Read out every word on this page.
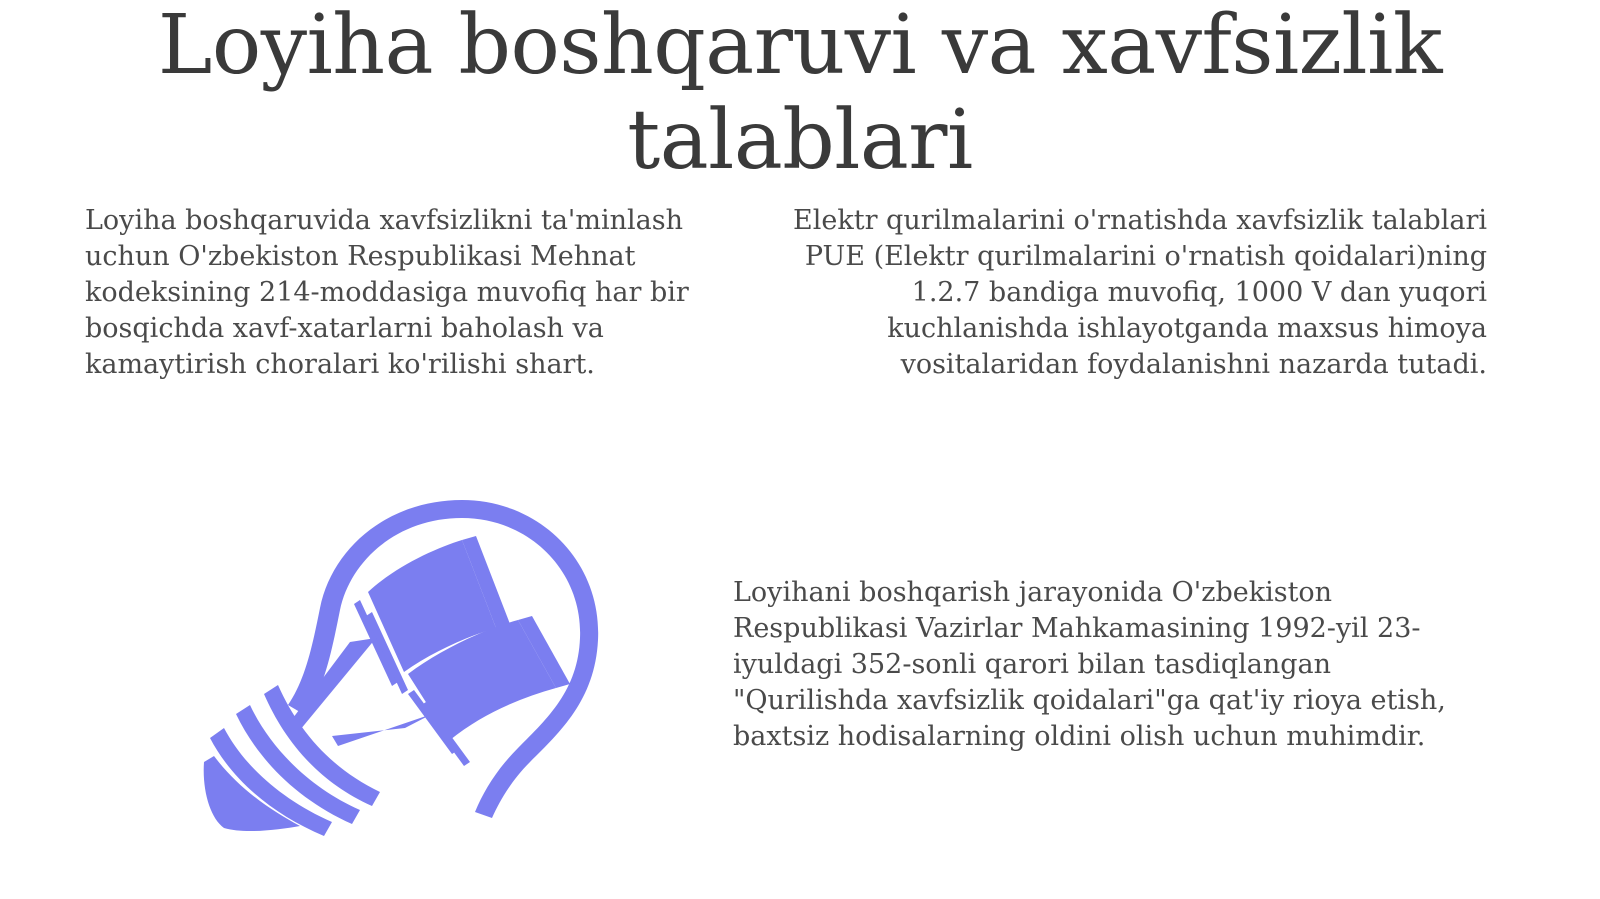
Loyiha boshqaruvi va xavfsizlik talablari

Loyiha boshqaruvida xavfsizlikni ta'minlash uchun O'zbekiston Respublikasi Mehnat kodeksining 214-moddasiga muvofiq har bir bosqichda xavf-xatarlarni baholash va kamaytirish choralari ko'rilishi shart.

Elektr qurilmalarini o'rnatishda xavfsizlik talablari PUE (Elektr qurilmalarini o'rnatish qoidalari)ning 1.2.7 bandiga muvofiq, 1000 V dan yuqori kuchlanishda ishlayotganda maxsus himoya vositalaridan foydalanishni nazarda tutadi.

Loyihani boshqarish jarayonida O'zbekiston Respublikasi Vazirlar Mahkamasining 1992-yil 23-iyuldagi 352-sonli qarori bilan tasdiqlangan "Qurilishda xavfsizlik qoidalari"ga qat'iy rioya etish, baxtsiz hodisalarning oldini olish uchun muhimdir.
